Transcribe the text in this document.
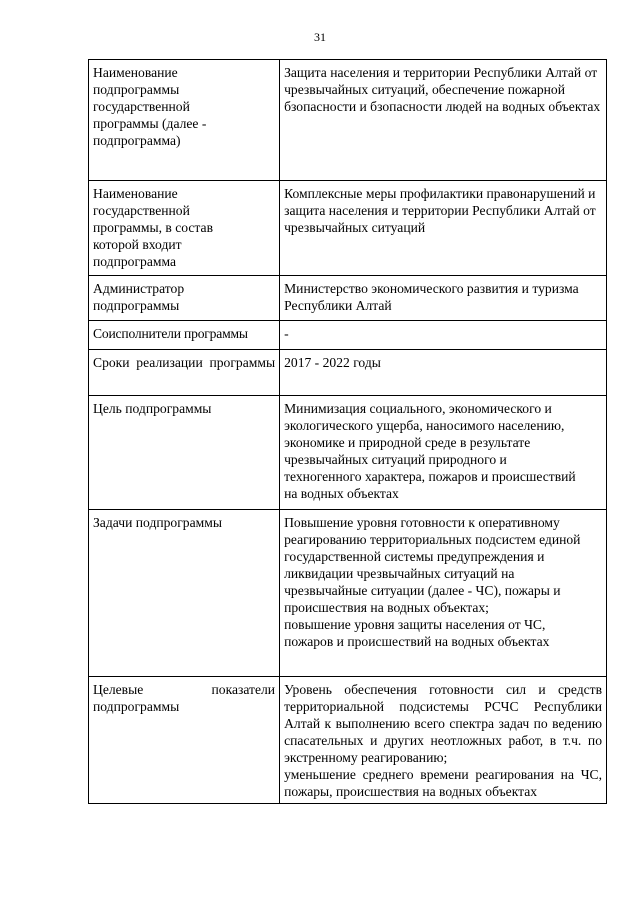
31
Наименование подпрограммы государственной программы (далее - подпрограмма)	Защита населения и территории Республики Алтай от чрезвычайных ситуаций, обеспечение пожарной бзопасности и бзопасности людей на водных объектах

Наименование государственной программы, в состав которой входит подпрограмма	Комплексные меры профилактики правонарушений и защита населения и территории Республики Алтай от чрезвычайных ситуаций

Администратор подпрограммы	Министерство экономического развития и туризма Республики Алтай

Соисполнители программы	-

Сроки реализации программы	2017 - 2022 годы

Цель подпрограммы	Минимизация социального, экономического и экологического ущерба, наносимого населению, экономике и природной среде в результате чрезвычайных ситуаций природного и техногенного характера, пожаров и происшествий на водных объектах

Задачи подпрограммы	Повышение уровня готовности к оперативному реагированию территориальных подсистем единой государственной системы предупреждения и ликвидации чрезвычайных ситуаций на чрезвычайные ситуации (далее - ЧС), пожары и происшествия на водных объектах;
повышение уровня защиты населения от ЧС, пожаров и происшествий на водных объектах

Целевые показатели подпрограммы	Уровень обеспечения готовности сил и средств территориальной подсистемы РСЧС Республики Алтай к выполнению всего спектра задач по ведению спасательных и других неотложных работ, в т.ч. по экстренному реагированию;
уменьшение среднего времени реагирования на ЧС, пожары, происшествия на водных объектах
